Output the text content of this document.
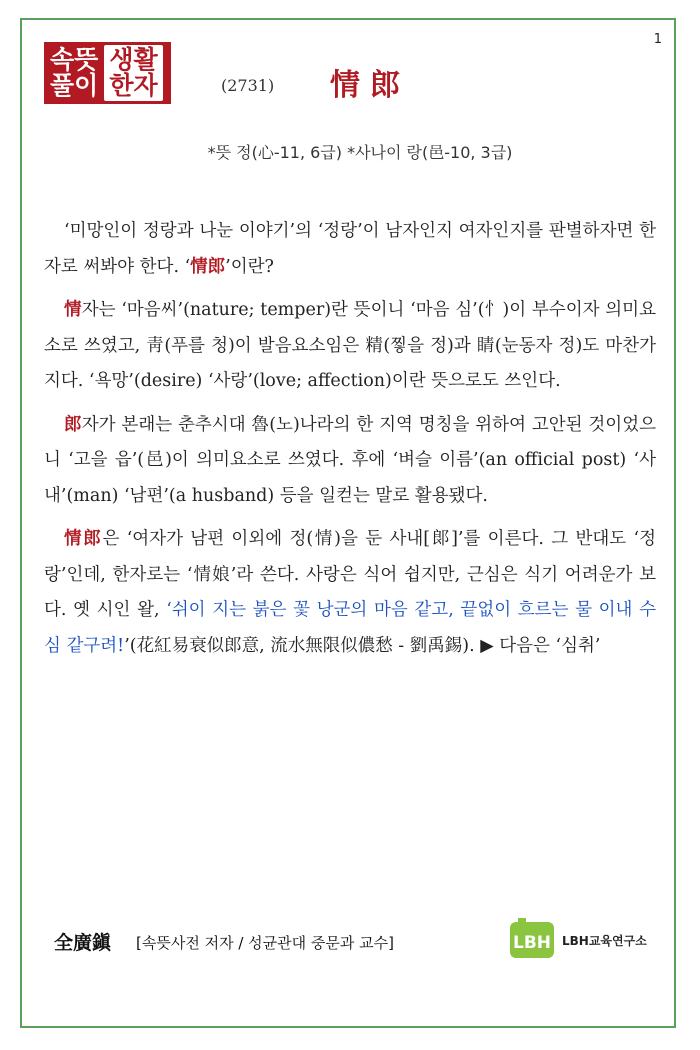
1
속뜻
풀이
생활
한자	(2731) 情郎
*뜻 정(心-11, 6급) *사나이 랑(邑-10, 3급)

‘미망인이 정랑과 나눈 이야기’의 ‘정랑’이 남자인지 여자인지를 판별하자면 한자로 써봐야 한다. ‘情郎’이란?

情자는 ‘마음씨’(nature; temper)란 뜻이니 ‘마음 심’(忄)이 부수이자 의미요소로 쓰였고, 靑(푸를 청)이 발음요소임은 精(찧을 정)과 睛(눈동자 정)도 마찬가지다. ‘욕망’(desire) ‘사랑’(love; affection)이란 뜻으로도 쓰인다.

郎자가 본래는 춘추시대 魯(노)나라의 한 지역 명칭을 위하여 고안된 것이었으니 ‘고을 읍’(邑)이 의미요소로 쓰였다. 후에 ‘벼슬 이름’(an official post) ‘사내’(man) ‘남편’(a husband) 등을 일컫는 말로 활용됐다.

情郎은 ‘여자가 남편 이외에 정(情)을 둔 사내[郞]’를 이른다. 그 반대도 ‘정랑’인데, 한자로는 ‘情娘’라 쓴다. 사랑은 식어 쉽지만, 근심은 식기 어려운가 보다. 옛 시인 왈, ‘쉬이 지는 붉은 꽃 낭군의 마음 같고, 끝없이 흐르는 물 이내 수심 같구려!’(花紅易衰似郎意, 流水無限似儂愁 - 劉禹錫). ▶ 다음은 ‘심취’

全廣鎭 [속뜻사전 저자 / 성균관대 중문과 교수]	LBH LBH교육연구소
